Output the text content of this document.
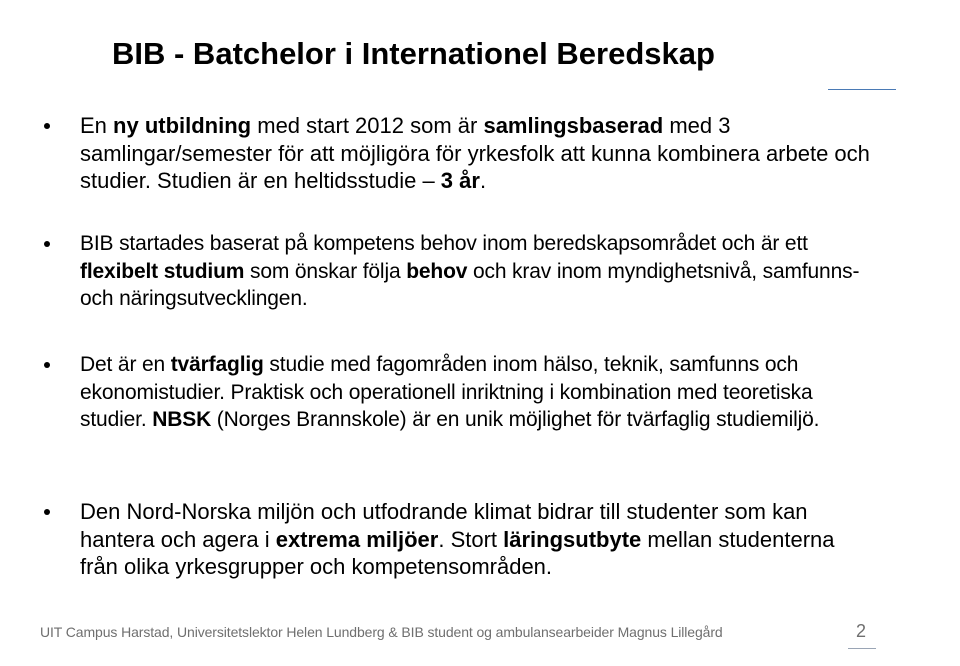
BIB - Batchelor i Internationel Beredskap

En ny utbildning med start 2012 som är samlingsbaserad med 3 samlingar/semester för att möjligöra för yrkesfolk att kunna kombinera arbete och studier. Studien är en heltidsstudie – 3 år.

BIB startades baserat på kompetens behov inom beredskapsområdet och är ett flexibelt studium som önskar följa behov och krav inom myndighetsnivå, samfunns- och näringsutvecklingen.

Det är en tvärfaglig studie med fagområden inom hälso, teknik, samfunns och ekonomistudier. Praktisk och operationell inriktning i kombination med teoretiska studier. NBSK (Norges Brannskole) är en unik möjlighet för tvärfaglig studiemiljö.

Den Nord-Norska miljön och utfodrande klimat bidrar till studenter som kan hantera och agera i extrema miljöer. Stort läringsutbyte mellan studenterna från olika yrkesgrupper och kompetensområden.

UIT Campus Harstad, Universitetslektor Helen Lundberg & BIB student og ambulansearbeider Magnus Lillegård	2
